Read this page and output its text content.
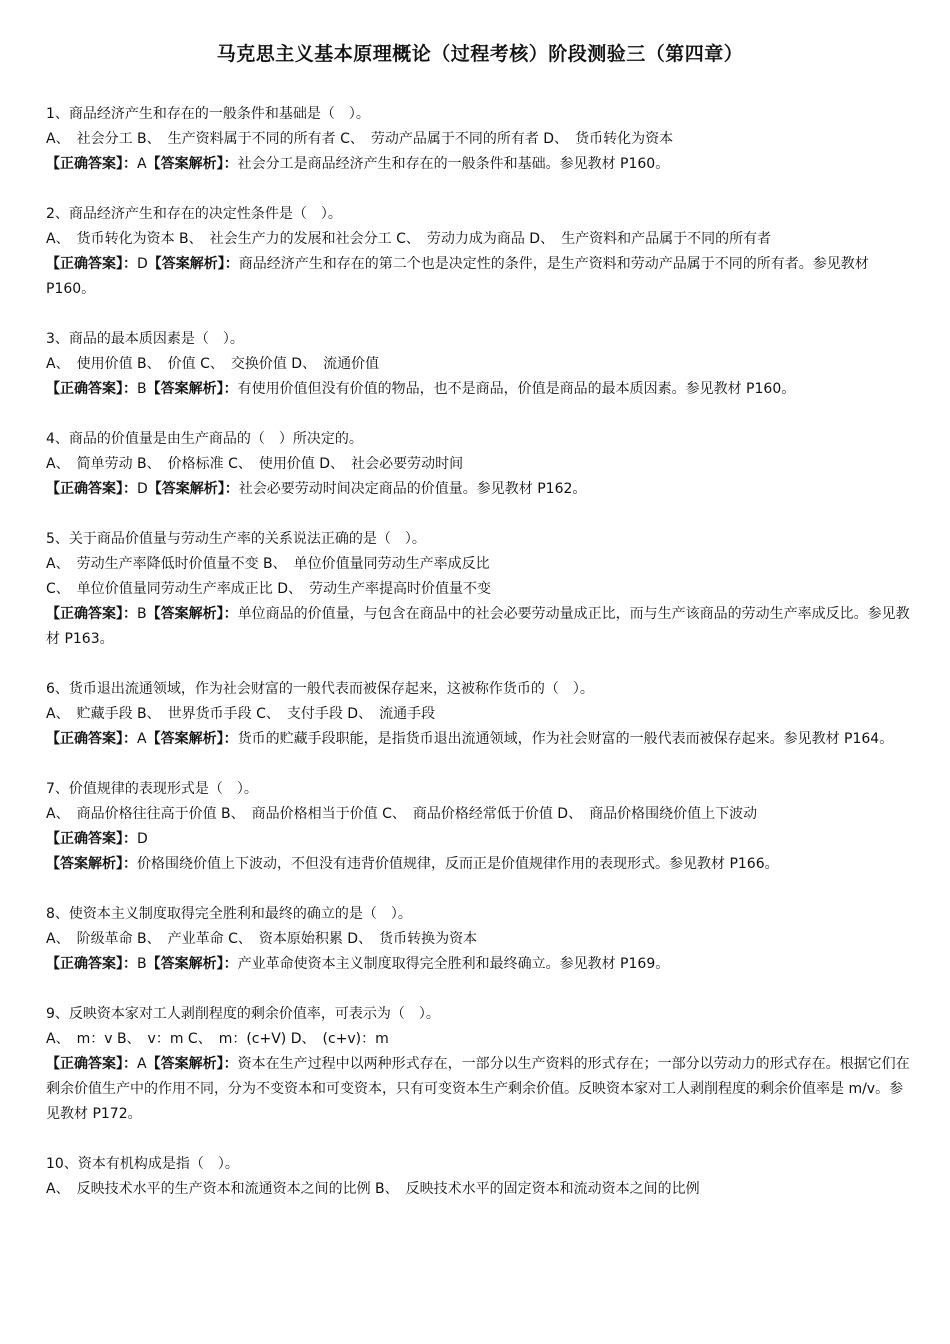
马克思主义基本原理概论（过程考核）阶段测验三（第四章）
1、商品经济产生和存在的一般条件和基础是（　）。
A、　社会分工 B、　生产资料属于不同的所有者 C、　劳动产品属于不同的所有者 D、　货币转化为资本
【正确答案】：A【答案解析】：社会分工是商品经济产生和存在的一般条件和基础。参见教材 P160。
2、商品经济产生和存在的决定性条件是（　）。
A、　货币转化为资本 B、　社会生产力的发展和社会分工 C、　劳动力成为商品 D、　生产资料和产品属于不同的所有者
【正确答案】：D【答案解析】：商品经济产生和存在的第二个也是决定性的条件，是生产资料和劳动产品属于不同的所有者。参见教材 P160。
3、商品的最本质因素是（　）。
A、　使用价值 B、　价值 C、　交换价值 D、　流通价值
【正确答案】：B【答案解析】：有使用价值但没有价值的物品，也不是商品，价值是商品的最本质因素。参见教材 P160。
4、商品的价值量是由生产商品的（　）所决定的。
A、　简单劳动 B、　价格标准 C、　使用价值 D、　社会必要劳动时间
【正确答案】：D【答案解析】：社会必要劳动时间决定商品的价值量。参见教材 P162。
5、关于商品价值量与劳动生产率的关系说法正确的是（　）。
A、　劳动生产率降低时价值量不变 B、　单位价值量同劳动生产率成反比
C、　单位价值量同劳动生产率成正比 D、　劳动生产率提高时价值量不变
【正确答案】：B【答案解析】：单位商品的价值量，与包含在商品中的社会必要劳动量成正比，而与生产该商品的劳动生产率成反比。参见教材 P163。
6、货币退出流通领域，作为社会财富的一般代表而被保存起来，这被称作货币的（　）。
A、　贮藏手段 B、　世界货币手段 C、　支付手段 D、　流通手段
【正确答案】：A【答案解析】：货币的贮藏手段职能，是指货币退出流通领域，作为社会财富的一般代表而被保存起来。参见教材 P164。
7、价值规律的表现形式是（　）。
A、　商品价格往往高于价值 B、　商品价格相当于价值 C、　商品价格经常低于价值 D、　商品价格围绕价值上下波动
【正确答案】：D
【答案解析】：价格围绕价值上下波动，不但没有违背价值规律，反而正是价值规律作用的表现形式。参见教材 P166。
8、使资本主义制度取得完全胜利和最终的确立的是（　）。
A、　阶级革命 B、　产业革命 C、　资本原始积累 D、　货币转换为资本
【正确答案】：B【答案解析】：产业革命使资本主义制度取得完全胜利和最终确立。参见教材 P169。
9、反映资本家对工人剥削程度的剩余价值率，可表示为（　）。
A、　m：v B、　v：m C、　m：(c+V) D、　(c+v)：m
【正确答案】：A【答案解析】：资本在生产过程中以两种形式存在，一部分以生产资料的形式存在；一部分以劳动力的形式存在。根据它们在剩余价值生产中的作用不同，分为不变资本和可变资本，只有可变资本生产剩余价值。反映资本家对工人剥削程度的剩余价值率是 m/v。参见教材 P172。
10、资本有机构成是指（　）。
A、　反映技术水平的生产资本和流通资本之间的比例 B、　反映技术水平的固定资本和流动资本之间的比例
